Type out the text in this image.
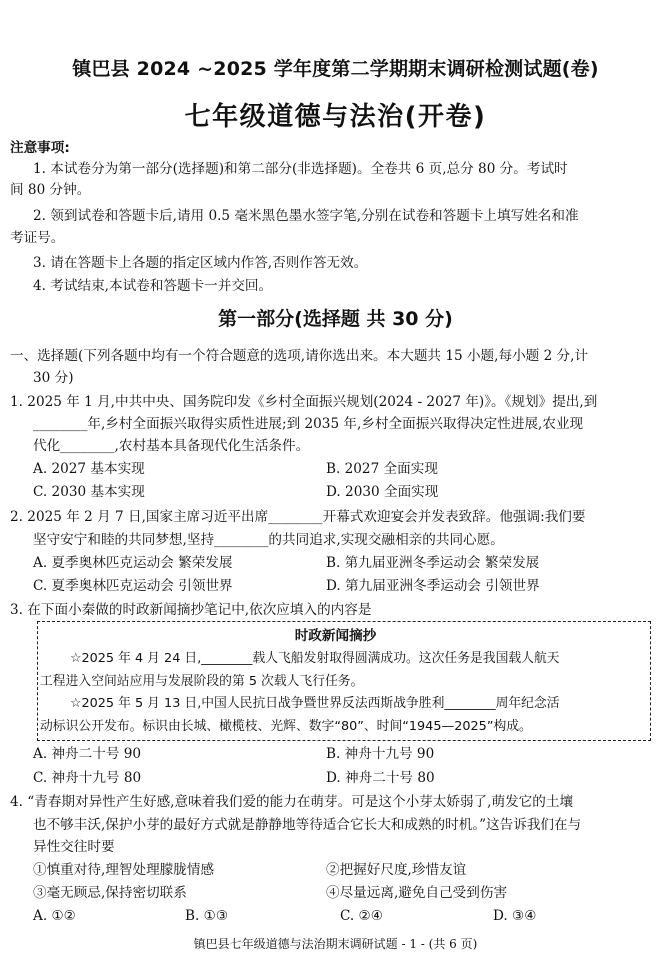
镇巴县 2024 ~2025 学年度第二学期期末调研检测试题(卷)
七年级道德与法治(开卷)
注意事项:
1. 本试卷分为第一部分(选择题)和第二部分(非选择题)。全卷共 6 页,总分 80 分。考试时
间 80 分钟。
2. 领到试卷和答题卡后,请用 0.5 毫米黑色墨水签字笔,分别在试卷和答题卡上填写姓名和准
考证号。
3. 请在答题卡上各题的指定区域内作答,否则作答无效。
4. 考试结束,本试卷和答题卡一并交回。
第一部分(选择题 共 30 分)
一、选择题(下列各题中均有一个符合题意的选项,请你选出来。本大题共 15 小题,每小题 2 分,计
30 分)
1. 2025 年 1 月,中共中央、国务院印发《乡村全面振兴规划(2024 - 2027 年)》。《规划》提出,到
________年,乡村全面振兴取得实质性进展;到 2035 年,乡村全面振兴取得决定性进展,农业现
代化________,农村基本具备现代化生活条件。
A. 2027 基本实现	B. 2027 全面实现
C. 2030 基本实现	D. 2030 全面实现
2. 2025 年 2 月 7 日,国家主席习近平出席________开幕式欢迎宴会并发表致辞。他强调:我们要
坚守安宁和睦的共同梦想,坚持________的共同追求,实现交融相亲的共同心愿。
A. 夏季奥林匹克运动会 繁荣发展	B. 第九届亚洲冬季运动会 繁荣发展
C. 夏季奥林匹克运动会 引领世界	D. 第九届亚洲冬季运动会 引领世界
3. 在下面小秦做的时政新闻摘抄笔记中,依次应填入的内容是
时政新闻摘抄
☆2025 年 4 月 24 日,________载人飞船发射取得圆满成功。这次任务是我国载人航天
工程进入空间站应用与发展阶段的第 5 次载人飞行任务。
☆2025 年 5 月 13 日,中国人民抗日战争暨世界反法西斯战争胜利________周年纪念活
动标识公开发布。标识由长城、橄榄枝、光辉、数字“80”、时间“1945—2025”构成。
A. 神舟二十号 90	B. 神舟十九号 90
C. 神舟十九号 80	D. 神舟二十号 80
4. “青春期对异性产生好感,意味着我们爱的能力在萌芽。可是这个小芽太娇弱了,萌发它的土壤
也不够丰沃,保护小芽的最好方式就是静静地等待适合它长大和成熟的时机。”这告诉我们在与
异性交往时要
①慎重对待,理智处理朦胧情感	②把握好尺度,珍惜友谊
③毫无顾忌,保持密切联系	④尽量远离,避免自己受到伤害
A. ①②	B. ①③	C. ②④	D. ③④
镇巴县七年级道德与法治期末调研试题 - 1 - (共 6 页)
